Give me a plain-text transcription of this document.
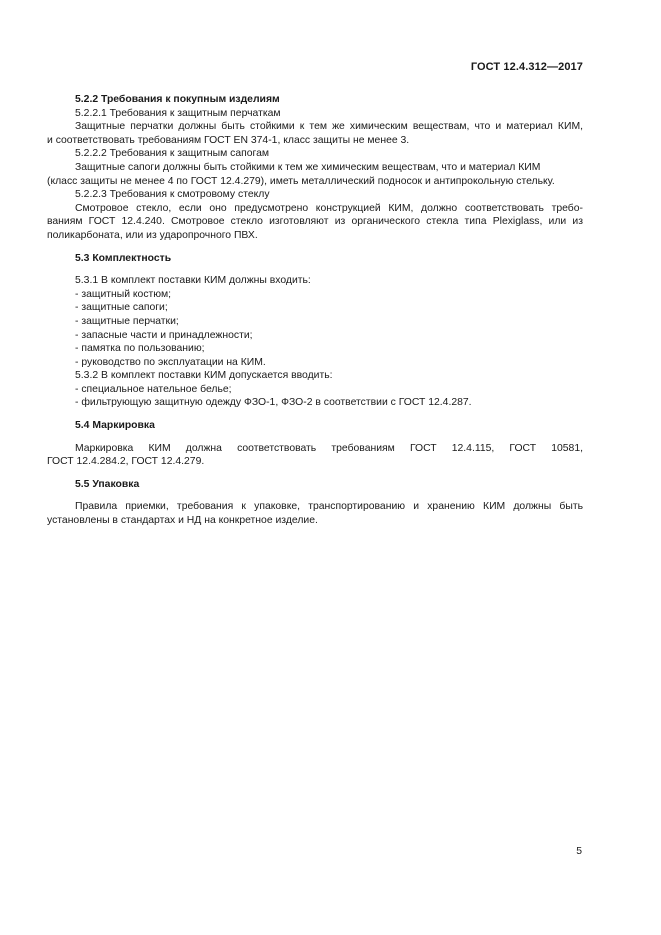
ГОСТ 12.4.312—2017

5.2.2 Требования к покупным изделиям

5.2.2.1 Требования к защитным перчаткам

Защитные перчатки должны быть стойкими к тем же химическим веществам, что и материал КИМ,

и соответствовать требованиям ГОСТ EN 374-1, класс защиты не менее 3.

5.2.2.2 Требования к защитным сапогам

Защитные сапоги должны быть стойкими к тем же химическим веществам, что и материал КИМ

(класс защиты не менее 4 по ГОСТ 12.4.279), иметь металлический подносок и антипрокольную стельку.

5.2.2.3 Требования к смотровому стеклу

Смотровое стекло, если оно предусмотрено конструкцией КИМ, должно соответствовать требо-

ваниям ГОСТ 12.4.240. Смотровое стекло изготовляют из органического стекла типа Plexiglass, или из

поликарбоната, или из ударопрочного ПВХ.

5.3 Комплектность

5.3.1 В комплект поставки КИМ должны входить:

- защитный костюм;

- защитные сапоги;

- защитные перчатки;

- запасные части и принадлежности;

- памятка по пользованию;

- руководство по эксплуатации на КИМ.

5.3.2 В комплект поставки КИМ допускается вводить:

- специальное нательное белье;

- фильтрующую защитную одежду ФЗО-1, ФЗО-2 в соответствии с ГОСТ 12.4.287.

5.4 Маркировка

Маркировка КИМ должна соответствовать требованиям ГОСТ 12.4.115, ГОСТ 10581,

ГОСТ 12.4.284.2, ГОСТ 12.4.279.

5.5 Упаковка

Правила приемки, требования к упаковке, транспортированию и хранению КИМ должны быть

установлены в стандартах и НД на конкретное изделие.

5
